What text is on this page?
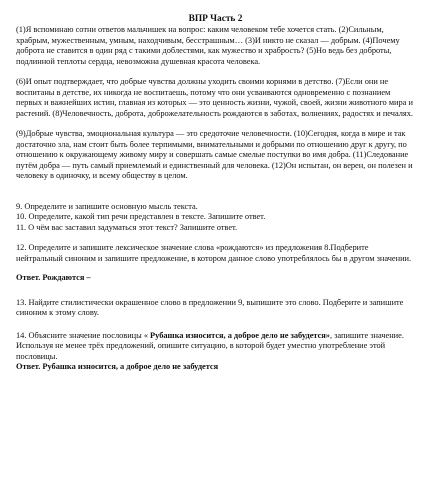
ВПР Часть 2

(1)Я вспоминаю сотни ответов мальчишек на вопрос: каким человеком тебе хочется стать. (2)Сильным, храбрым, мужественным, умным, находчивым, бесстрашным… (3)И никто не сказал — добрым. (4)Почему доброта не ставится в один ряд с такими доблестями, как мужество и храбрость? (5)Но ведь без доброты, подлинной теплоты сердца, невозможна душевная красота человека.

(6)И опыт подтверждает, что добрые чувства должны уходить своими корнями в детство. (7)Если они не воспитаны в детстве, их никогда не воспитаешь, потому что они усваиваются одновременно с познанием первых и важнейших истин, главная из которых — это ценность жизни, чужой, своей, жизни животного мира и растений. (8)Человечность, доброта, доброжелательность рождаются в заботах, волнениях, радостях и печалях.

(9)Добрые чувства, эмоциональная культура — это средоточие человечности. (10)Сегодня, когда в мире и так достаточно зла, нам стоит быть более терпимыми, внимательными и добрыми по отношению друг к другу, по отношению к окружающему живому миру и совершать самые смелые поступки во имя добра. (11)Следование путём добра — путь самый приемлемый и единственный для человека. (12)Он испытан, он верен, он полезен и человеку в одиночку, и всему обществу в целом.

9. Определите и запишите основную мысль текста.

10. Определите, какой тип речи представлен в тексте. Запишите ответ.

11. О чём вас заставил задуматься этот текст? Запишите ответ.

12. Определите и запишите лексическое значение слова «рождаются» из предложения 8.Подберите нейтральный синоним и запишите предложение, в котором данное слово употреблялось бы в другом значении.

Ответ. Рождаются –

13. Найдите стилистически окрашенное слово в предложении 9, выпишите это слово. Подберите и запишите синоним к этому слову.

14. Объясните значение пословицы « Рубашка износится, а доброе дело не забудется», запишите значение.

Используя не менее трёх предложений, опишите ситуацию, в которой будет уместно употребление этой пословицы.

Ответ. Рубашка износится, а доброе дело не забудется
